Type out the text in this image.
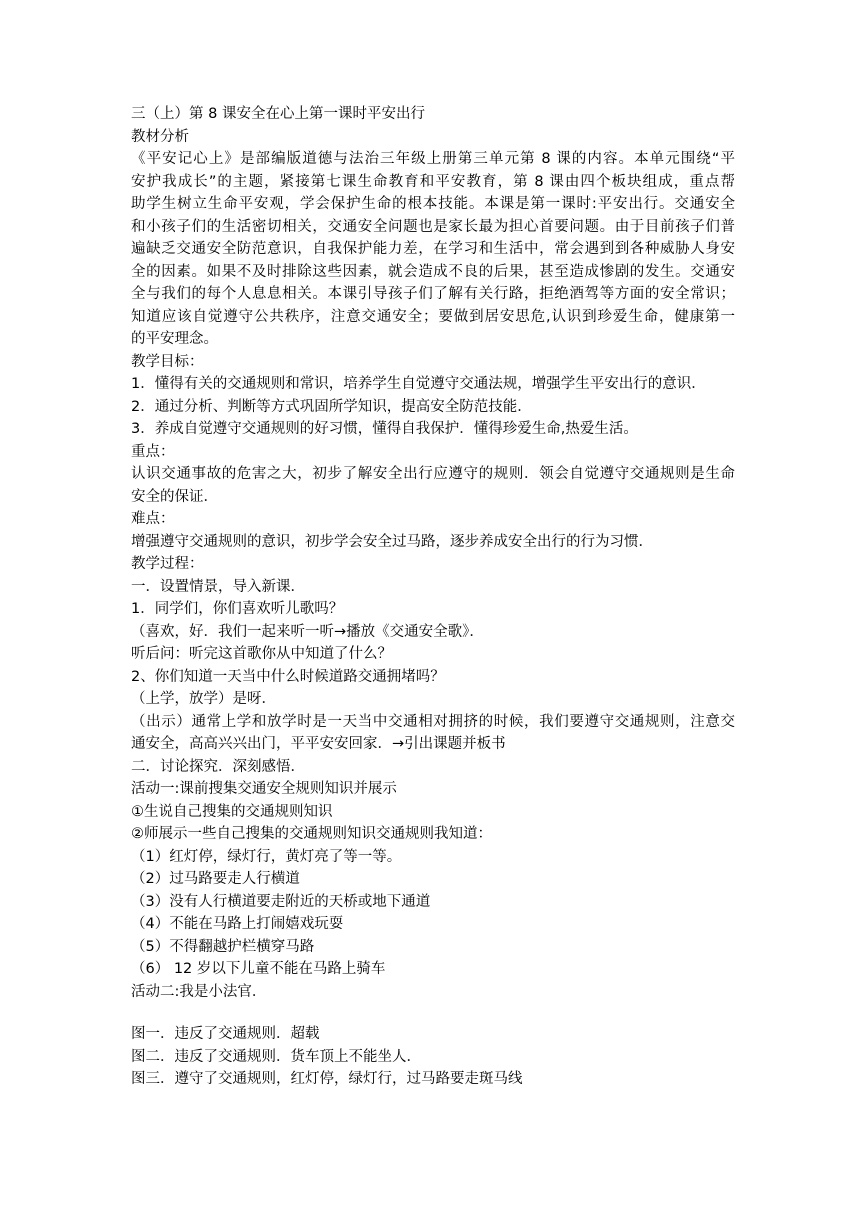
三（上）第 8 课安全在心上第一课时平安出行
教材分析
《平安记心上》是部编版道德与法治三年级上册第三单元第 8 课的内容。本单元围绕“平
安护我成长”的主题，紧接第七课生命教育和平安教育，第 8 课由四个板块组成，重点帮
助学生树立生命平安观，学会保护生命的根本技能。本课是第一课时:平安出行。交通安全
和小孩子们的生活密切相关，交通安全问题也是家长最为担心首要问题。由于目前孩子们普
遍缺乏交通安全防范意识，自我保护能力差，在学习和生活中，常会遇到到各种威胁人身安
全的因素。如果不及时排除这些因素，就会造成不良的后果，甚至造成惨剧的发生。交通安
全与我们的每个人息息相关。本课引导孩子们了解有关行路，拒绝酒驾等方面的安全常识；
知道应该自觉遵守公共秩序，注意交通安全；要做到居安思危,认识到珍爱生命，健康第一
的平安理念。
教学目标：
1．懂得有关的交通规则和常识，培养学生自觉遵守交通法规，增强学生平安出行的意识．
2．通过分析、判断等方式巩固所学知识，提高安全防范技能．
3．养成自觉遵守交通规则的好习惯，懂得自我保护．懂得珍爱生命,热爱生活。
重点：
认识交通事故的危害之大，初步了解安全出行应遵守的规则．领会自觉遵守交通规则是生命
安全的保证．
难点：
增强遵守交通规则的意识，初步学会安全过马路，逐步养成安全出行的行为习惯．
教学过程：
一．设置情景，导入新课．
1．同学们，你们喜欢听儿歌吗？
（喜欢，好．我们一起来听一听→播放《交通安全歌》．
听后问：听完这首歌你从中知道了什么？
2、你们知道一天当中什么时候道路交通拥堵吗？
（上学，放学）是呀．
（出示）通常上学和放学时是一天当中交通相对拥挤的时候，我们要遵守交通规则，注意交
通安全，高高兴兴出门，平平安安回家．→引出课题并板书
二．讨论探究．深刻感悟．
活动一:课前搜集交通安全规则知识并展示
①生说自己搜集的交通规则知识
②师展示一些自己搜集的交通规则知识交通规则我知道：
（1）红灯停，绿灯行，黄灯亮了等一等。
（2）过马路要走人行横道
（3）没有人行横道要走附近的天桥或地下通道
（4）不能在马路上打闹嬉戏玩耍
（5）不得翻越护栏横穿马路
（6） 12 岁以下儿童不能在马路上骑车
活动二:我是小法官．
图一．违反了交通规则．超载
图二．违反了交通规则．货车顶上不能坐人．
图三．遵守了交通规则，红灯停，绿灯行，过马路要走斑马线
